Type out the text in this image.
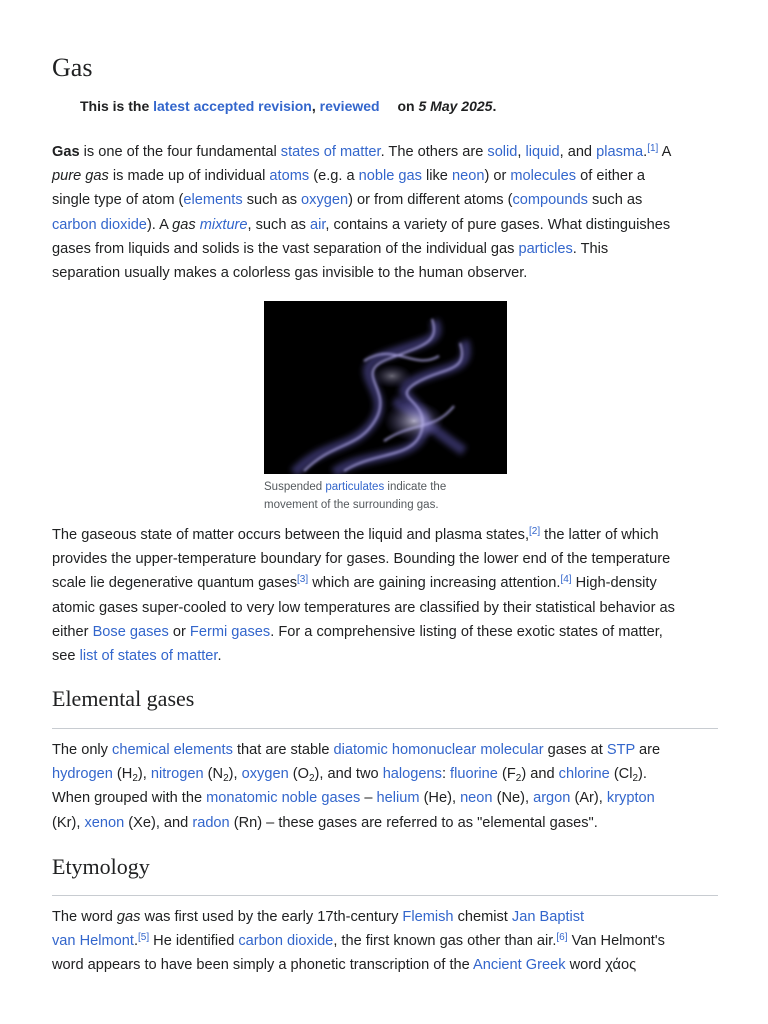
Gas

This is the latest accepted revision, reviewed on 5 May 2025.

Gas is one of the four fundamental states of matter. The others are solid, liquid, and plasma.[1] A
pure gas is made up of individual atoms (e.g. a noble gas like neon) or molecules of either a
single type of atom (elements such as oxygen) or from different atoms (compounds such as
carbon dioxide). A gas mixture, such as air, contains a variety of pure gases. What distinguishes
gases from liquids and solids is the vast separation of the individual gas particles. This
separation usually makes a colorless gas invisible to the human observer.

Suspended particulates indicate the
movement of the surrounding gas.

The gaseous state of matter occurs between the liquid and plasma states,[2] the latter of which
provides the upper-temperature boundary for gases. Bounding the lower end of the temperature
scale lie degenerative quantum gases[3] which are gaining increasing attention.[4] High-density
atomic gases super-cooled to very low temperatures are classified by their statistical behavior as
either Bose gases or Fermi gases. For a comprehensive listing of these exotic states of matter,
see list of states of matter.

Elemental gases

The only chemical elements that are stable diatomic homonuclear molecular gases at STP are
hydrogen $(H_2)$, nitrogen $(N_2)$, oxygen $(O_2)$, and two halogens: fluorine $(F_2)$ and chlorine $(Cl_2)$.
When grouped with the monatomic noble gases – helium (He), neon (Ne), argon (Ar), krypton
(Kr), xenon (Xe), and radon (Rn) – these gases are referred to as "elemental gases".

Etymology

The word gas was first used by the early 17th-century Flemish chemist Jan Baptist
van Helmont.[5] He identified carbon dioxide, the first known gas other than air.[6] Van Helmont's
word appears to have been simply a phonetic transcription of the Ancient Greek word χάος
